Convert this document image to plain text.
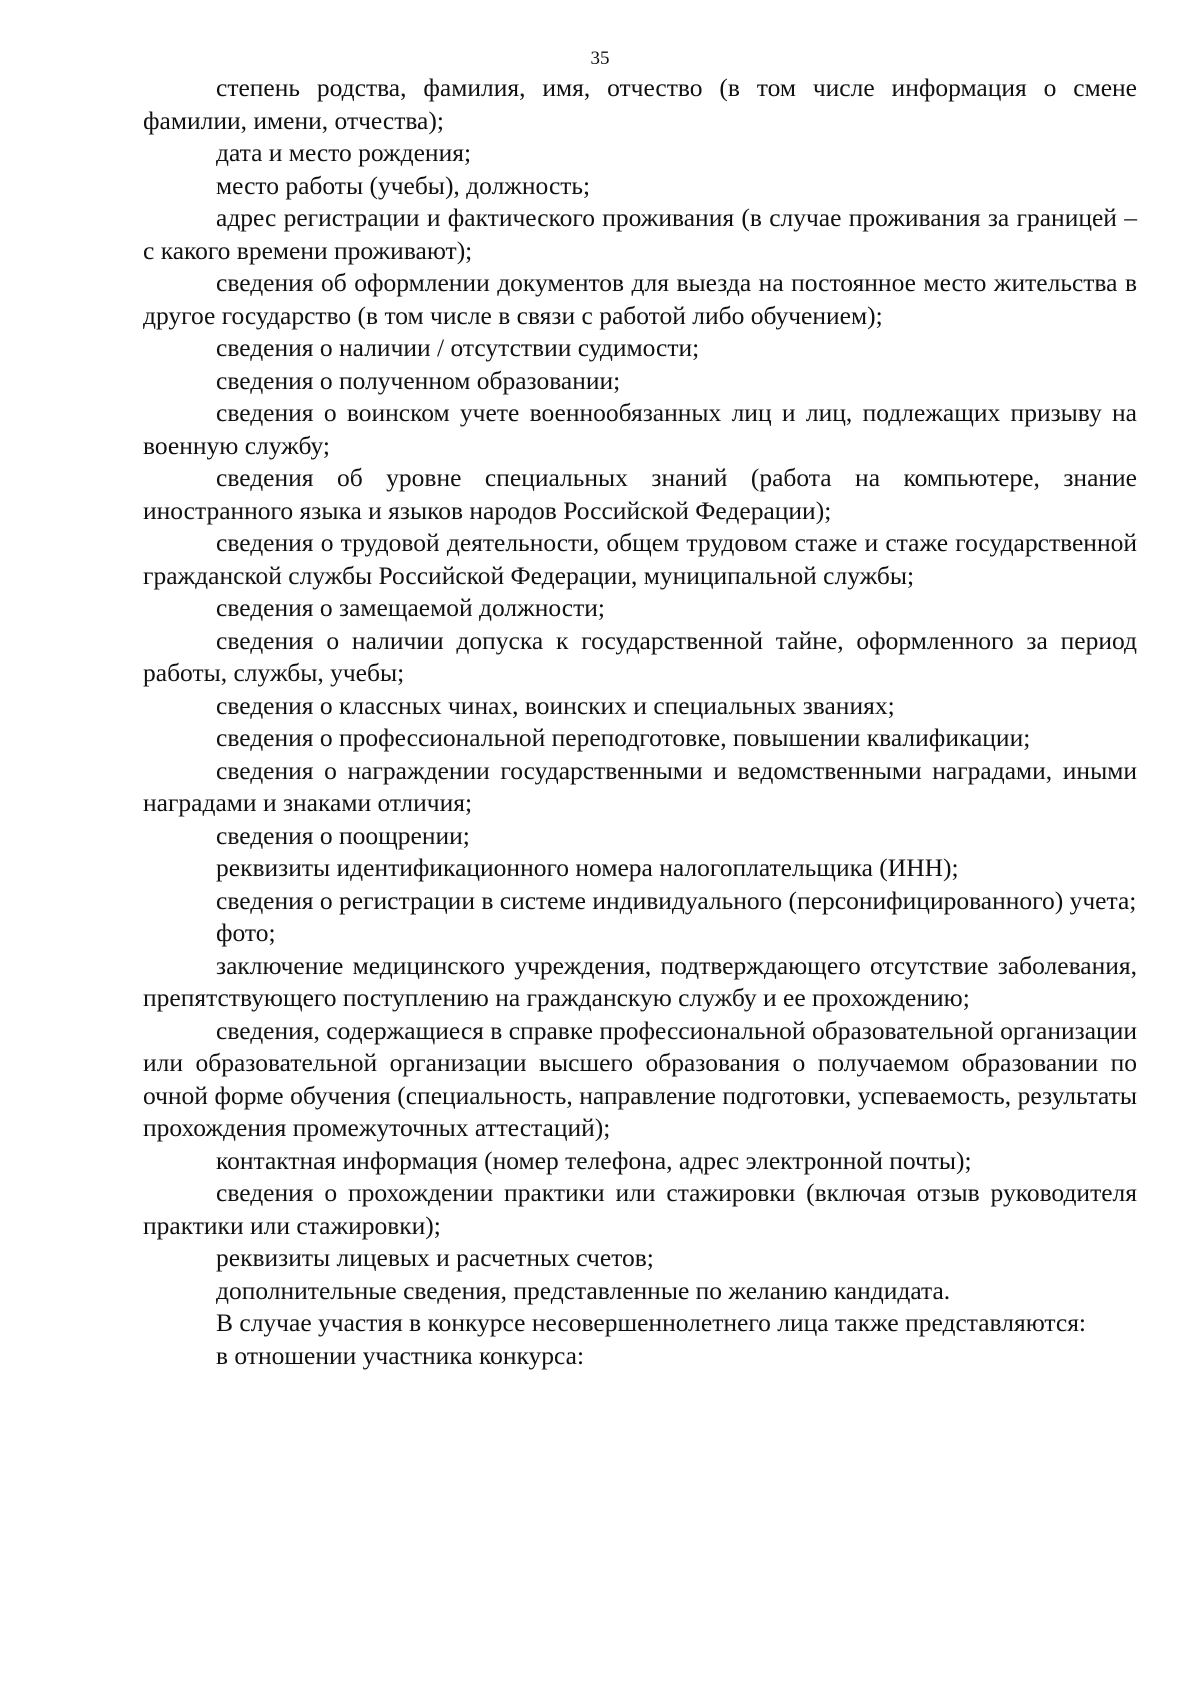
35

степень родства, фамилия, имя, отчество (в том числе информация о смене фамилии, имени, отчества);

дата и место рождения;

место работы (учебы), должность;

адрес регистрации и фактического проживания (в случае проживания за границей – с какого времени проживают);

сведения об оформлении документов для выезда на постоянное место жительства в другое государство (в том числе в связи с работой либо обучением);

сведения о наличии / отсутствии судимости;

сведения о полученном образовании;

сведения о воинском учете военнообязанных лиц и лиц, подлежащих призыву на военную службу;

сведения об уровне специальных знаний (работа на компьютере, знание иностранного языка и языков народов Российской Федерации);

сведения о трудовой деятельности, общем трудовом стаже и стаже государственной гражданской службы Российской Федерации, муниципальной службы;

сведения о замещаемой должности;

сведения о наличии допуска к государственной тайне, оформленного за период работы, службы, учебы;

сведения о классных чинах, воинских и специальных званиях;

сведения о профессиональной переподготовке, повышении квалификации;

сведения о награждении государственными и ведомственными наградами, иными наградами и знаками отличия;

сведения о поощрении;

реквизиты идентификационного номера налогоплательщика (ИНН);

сведения о регистрации в системе индивидуального (персонифицированного) учета;

фото;

заключение медицинского учреждения, подтверждающего отсутствие заболевания, препятствующего поступлению на гражданскую службу и ее прохождению;

сведения, содержащиеся в справке профессиональной образовательной организации или образовательной организации высшего образования о получаемом образовании по очной форме обучения (специальность, направление подготовки, успеваемость, результаты прохождения промежуточных аттестаций);

контактная информация (номер телефона, адрес электронной почты);

сведения о прохождении практики или стажировки (включая отзыв руководителя практики или стажировки);

реквизиты лицевых и расчетных счетов;

дополнительные сведения, представленные по желанию кандидата.

В случае участия в конкурсе несовершеннолетнего лица также представляются:

в отношении участника конкурса:
